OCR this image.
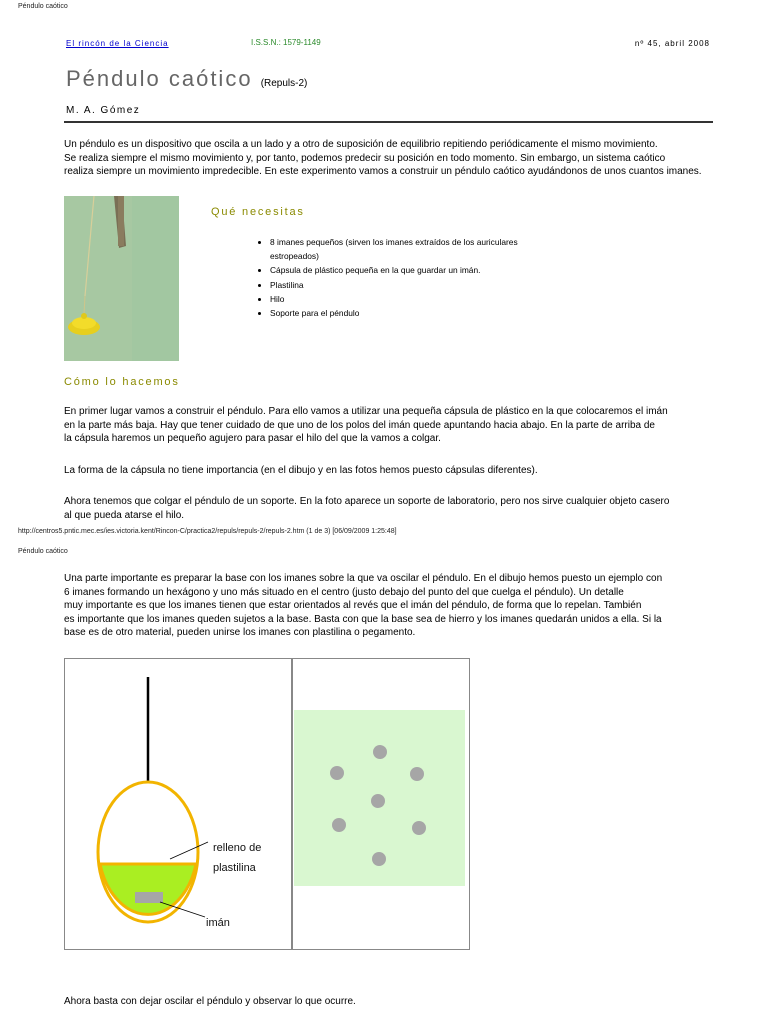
Péndulo caótico
El rincón de la Ciencia	I.S.S.N.: 1579-1149	nº 45, abril 2008
Péndulo caótico (Repuls-2)
M. A. Gómez

Un péndulo es un dispositivo que oscila a un lado y a otro de suposición de equilibrio repitiendo periódicamente el mismo movimiento.

Se realiza siempre el mismo movimiento y, por tanto, podemos predecir su posición en todo momento. Sin embargo, un sistema caótico

realiza siempre un movimiento impredecible. En este experimento vamos a construir un péndulo caótico ayudándonos de unos cuantos imanes.

Qué necesitas
• 8 imanes pequeños (sirven los imanes extraídos de los auriculares estropeados)
• Cápsula de plástico pequeña en la que guardar un imán.
• Plastilina
• Hilo
• Soporte para el péndulo
Cómo lo hacemos

En primer lugar vamos a construir el péndulo. Para ello vamos a utilizar una pequeña cápsula de plástico en la que colocaremos el imán

en la parte más baja. Hay que tener cuidado de que uno de los polos del imán quede apuntando hacia abajo. En la parte de arriba de

la cápsula haremos un pequeño agujero para pasar el hilo del que la vamos a colgar.

La forma de la cápsula no tiene importancia (en el dibujo y en las fotos hemos puesto cápsulas diferentes).

Ahora tenemos que colgar el péndulo de un soporte. En la foto aparece un soporte de laboratorio, pero nos sirve cualquier objeto casero

al que pueda atarse el hilo.

http://centros5.pntic.mec.es/ies.victoria.kent/Rincon-C/practica2/repuls/repuls-2/repuls-2.htm (1 de 3) [06/09/2009 1:25:48]
Péndulo caótico

Una parte importante es preparar la base con los imanes sobre la que va oscilar el péndulo. En el dibujo hemos puesto un ejemplo con

6 imanes formando un hexágono y uno más situado en el centro (justo debajo del punto del que cuelga el péndulo). Un detalle

muy importante es que los imanes tienen que estar orientados al revés que el imán del péndulo, de forma que lo repelan. También

es importante que los imanes queden sujetos a la base. Basta con que la base sea de hierro y los imanes quedarán unidos a ella. Si la

base es de otro material, pueden unirse los imanes con plastilina o pegamento.

relleno de
plastilina
imán
Ahora basta con dejar oscilar el péndulo y observar lo que ocurre.
